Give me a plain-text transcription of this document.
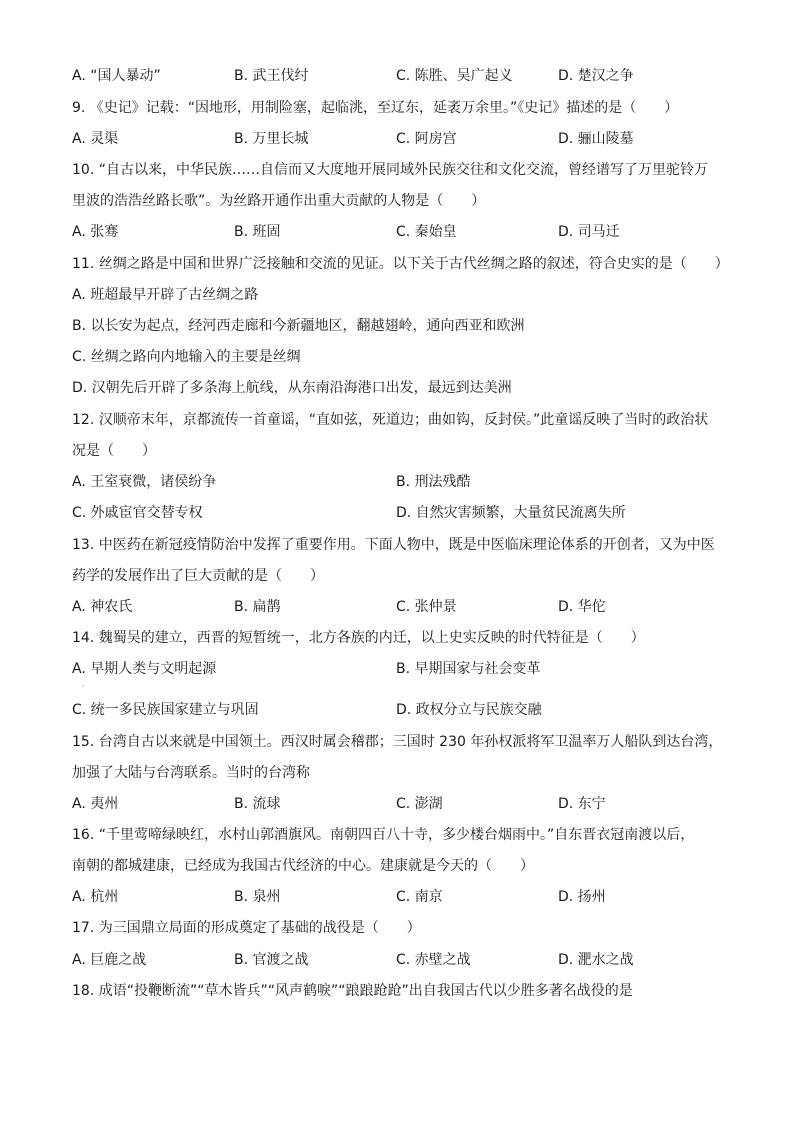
A. “国人暴动”	B. 武王伐纣	C. 陈胜、吴广起义	D. 楚汉之争
9. 《史记》记载：“因地形，用制险塞，起临洮，至辽东，延袤万余里。”《史记》描述的是（　　）
A. 灵渠	B. 万里长城	C. 阿房宫	D. 骊山陵墓
10. “自古以来，中华民族……自信而又大度地开展同域外民族交往和文化交流，曾经谱写了万里驼铃万
里波的浩浩丝路长歌”。为丝路开通作出重大贡献的人物是（　　）
A. 张骞	B. 班固	C. 秦始皇	D. 司马迁
11. 丝绸之路是中国和世界广泛接触和交流的见证。以下关于古代丝绸之路的叙述，符合史实的是（　　）
A. 班超最早开辟了古丝绸之路
B. 以长安为起点，经河西走廊和今新疆地区，翻越翅岭，通向西亚和欧洲
C. 丝绸之路向内地输入的主要是丝绸
D. 汉朝先后开辟了多条海上航线，从东南沿海港口出发，最远到达美洲
12. 汉顺帝末年，京都流传一首童谣，“直如弦，死道边；曲如钩，反封侯。”此童谣反映了当时的政治状
况是（　　）
A. 王室衰微，诸侯纷争	B. 刑法残酷
C. 外戚宦官交替专权	D. 自然灾害频繁，大量贫民流离失所
13. 中医药在新冠疫情防治中发挥了重要作用。下面人物中，既是中医临床理论体系的开创者，又为中医
药学的发展作出了巨大贡献的是（　　）
A. 神农氏	B. 扁鹊	C. 张仲景	D. 华佗
14. 魏蜀吴的建立，西晋的短暂统一，北方各族的内迁，以上史实反映的时代特征是（　　）
A. 早期人类与文明起源	B. 早期国家与社会变革
C. 统一多民族国家建立与巩固	D. 政权分立与民族交融
15. 台湾自古以来就是中国领土。西汉时属会稽郡；三国时 230 年孙权派将军卫温率万人船队到达台湾，
加强了大陆与台湾联系。当时的台湾称
A. 夷州	B. 流球	C. 澎湖	D. 东宁
16. “千里莺啼绿映红，水村山郭酒旗风。南朝四百八十寺，多少楼台烟雨中。”自东晋衣冠南渡以后，
南朝的都城建康，已经成为我国古代经济的中心。建康就是今天的（　　）
A. 杭州	B. 泉州	C. 南京	D. 扬州
17. 为三国鼎立局面的形成奠定了基础的战役是（　　）
A. 巨鹿之战	B. 官渡之战	C. 赤壁之战	D. 淝水之战
18. 成语“投鞭断流”“草木皆兵”“风声鹤唳”“踉踉跄跄”出自我国古代以少胜多著名战役的是
·
